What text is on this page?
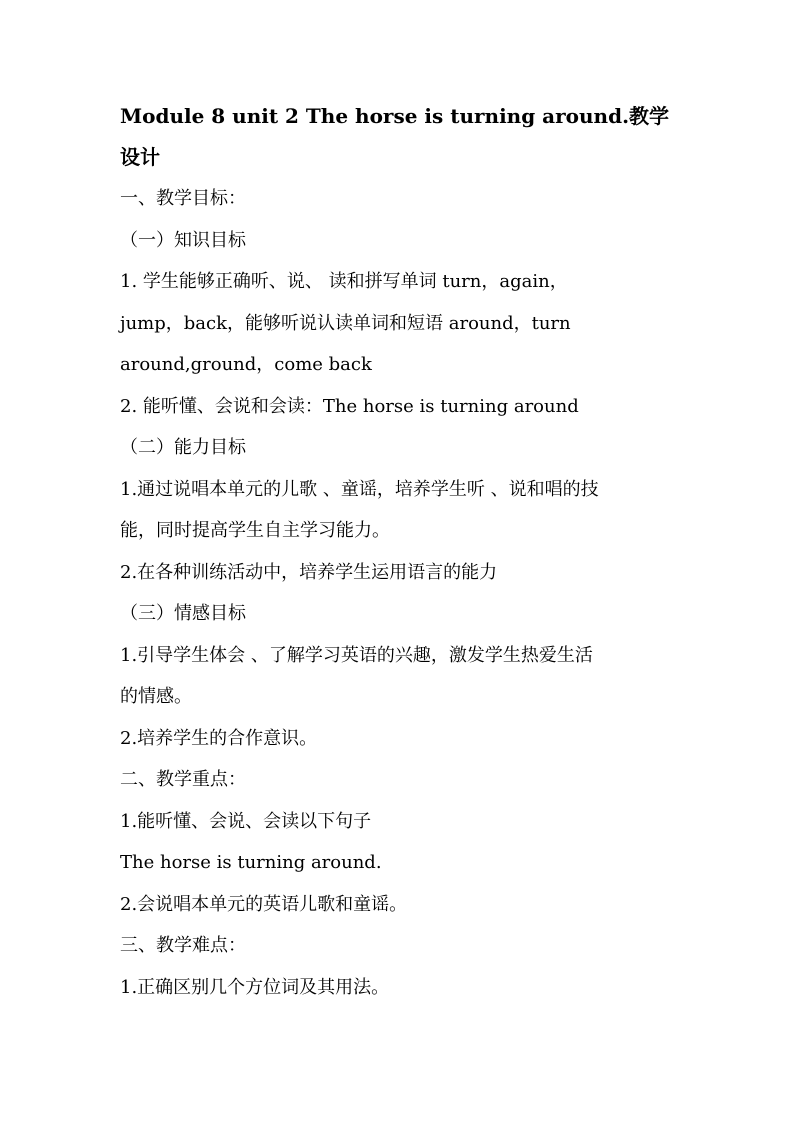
Module 8 unit 2 The horse is turning around.教学设计

一、教学目标：

（一）知识目标

1. 学生能够正确听、说、 读和拼写单词 turn，again，

jump，back，能够听说认读单词和短语 around，turn

around,ground，come back

2. 能听懂、会说和会读：The horse is turning around

（二）能力目标

1.通过说唱本单元的儿歌 、童谣，培养学生听 、说和唱的技

能，同时提高学生自主学习能力。

2.在各种训练活动中，培养学生运用语言的能力

（三）情感目标

1.引导学生体会 、了解学习英语的兴趣，激发学生热爱生活

的情感。

2.培养学生的合作意识。

二、教学重点：

1.能听懂、会说、会读以下句子

The horse is turning around.

2.会说唱本单元的英语儿歌和童谣。

三、教学难点：

1.正确区别几个方位词及其用法。
